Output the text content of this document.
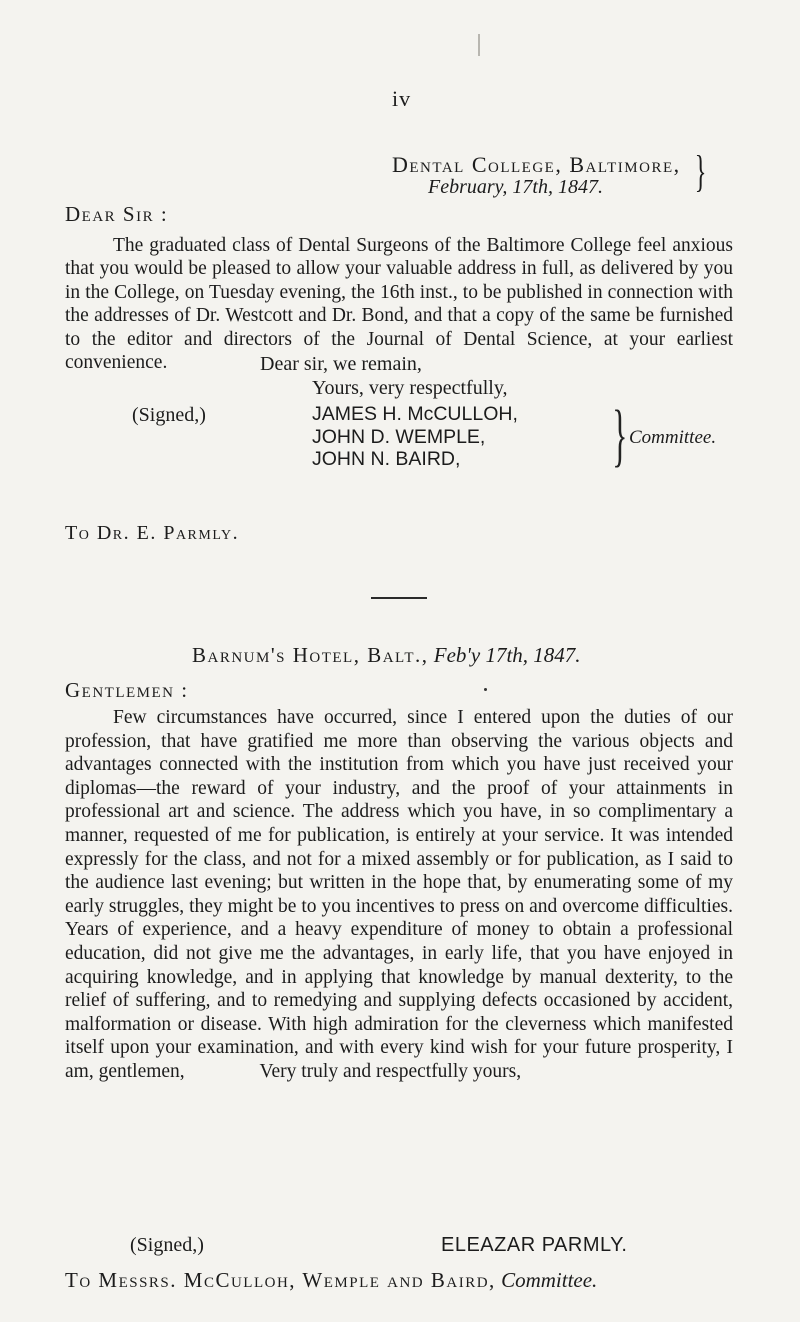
iv
Dental College, Baltimore, }
February, 17th, 1847.
Dear Sir :

The graduated class of Dental Surgeons of the Baltimore College feel anxious that you would be pleased to allow your valuable address in full, as delivered by you in the College, on Tuesday evening, the 16th inst., to be published in connection with the addresses of Dr. Westcott and Dr. Bond, and that a copy of the same be furnished to the editor and directors of the Journal of Dental Science, at your earliest convenience.	Dear sir, we remain,
Yours, very respectfully,
(Signed,)	JAMES H. McCULLOH,
JOHN D. WEMPLE,
JOHN N. BAIRD,	} Committee.
To Dr. E. Parmly.
Barnum's Hotel, Balt., Feb'y 17th, 1847.
Gentlemen :

Few circumstances have occurred, since I entered upon the duties of our profession, that have gratified me more than observing the various objects and advantages connected with the institution from which you have just received your diplomas—the reward of your industry, and the proof of your attainments in professional art and science. The address which you have, in so complimentary a manner, requested of me for publication, is entirely at your service. It was intended expressly for the class, and not for a mixed assembly or for publication, as I said to the audience last evening; but written in the hope that, by enumerating some of my early struggles, they might be to you incentives to press on and overcome difficulties. Years of experience, and a heavy expenditure of money to obtain a professional education, did not give me the advantages, in early life, that you have enjoyed in acquiring knowledge, and in applying that knowledge by manual dexterity, to the relief of suffering, and to remedying and supplying defects occasioned by accident, malformation or disease. With high admiration for the cleverness which manifested itself upon your examination, and with every kind wish for your future prosperity, I am, gentlemen,	Very truly and respectfully yours,

(Signed,)	ELEAZAR PARMLY.
To Messrs. McCulloh, Wemple and Baird, Committee.
